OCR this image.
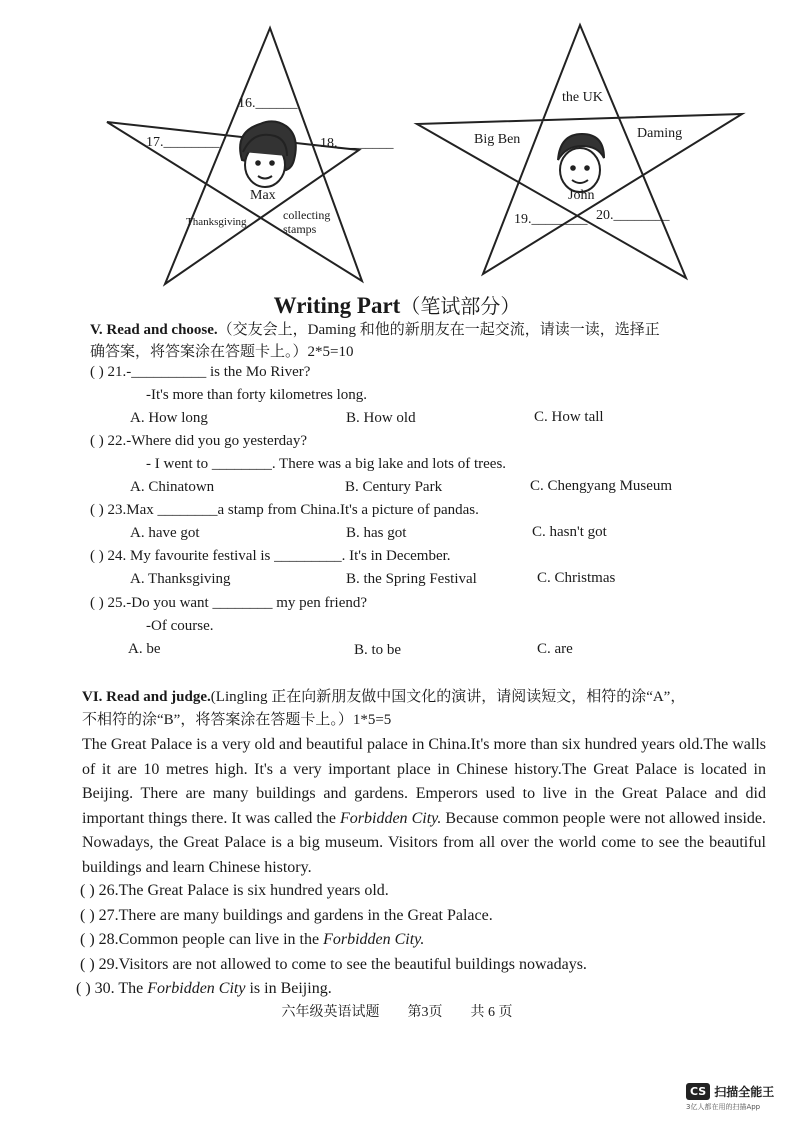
16.______
17.________	18.________
Max
Thanksgiving	collecting
stamps
the UK
Big Ben	Daming
John
19.________ 20.________
Writing Part（笔试部分）
V. Read and choose.（交友会上，Daming 和他的新朋友在一起交流，请读一读，选择正
确答案，将答案涂在答题卡上。）2*5=10
( ) 21.-__________ is the Mo River?
-It's more than forty kilometres long.
A. How long	B. How old	C. How tall
( ) 22.-Where did you go yesterday?
- I went to ________. There was a big lake and lots of trees.
A. Chinatown	B. Century Park	C. Chengyang Museum
( ) 23.Max ________a stamp from China.It's a picture of pandas.
A. have got	B. has got	C. hasn't got
( ) 24. My favourite festival is _________. It's in December.
A. Thanksgiving	B. the Spring Festival	C. Christmas
( ) 25.-Do you want ________ my pen friend?
-Of course.
A. be	B. to be	C. are
VI. Read and judge.(Lingling 正在向新朋友做中国文化的演讲，请阅读短文，相符的涂“A”，
不相符的涂“B”，将答案涂在答题卡上。）1*5=5
The Great Palace is a very old and beautiful palace in China.It's more than six hundred years old.The walls of it are 10 metres high. It's a very important place in Chinese history.The Great Palace is located in Beijing. There are many buildings and gardens. Emperors used to live in the Great Palace and did important things there. It was called the Forbidden City. Because common people were not allowed inside. Nowadays, the Great Palace is a big museum. Visitors from all over the world come to see the beautiful buildings and learn Chinese history.
( ) 26.The Great Palace is six hundred years old.
( ) 27.There are many buildings and gardens in the Great Palace.
( ) 28.Common people can live in the Forbidden City.
( ) 29.Visitors are not allowed to come to see the beautiful buildings nowadays.
( ) 30. The Forbidden City is in Beijing.
六年级英语试题　　第3页　　共 6 页
CS 扫描全能王
3亿人都在用的扫描App
